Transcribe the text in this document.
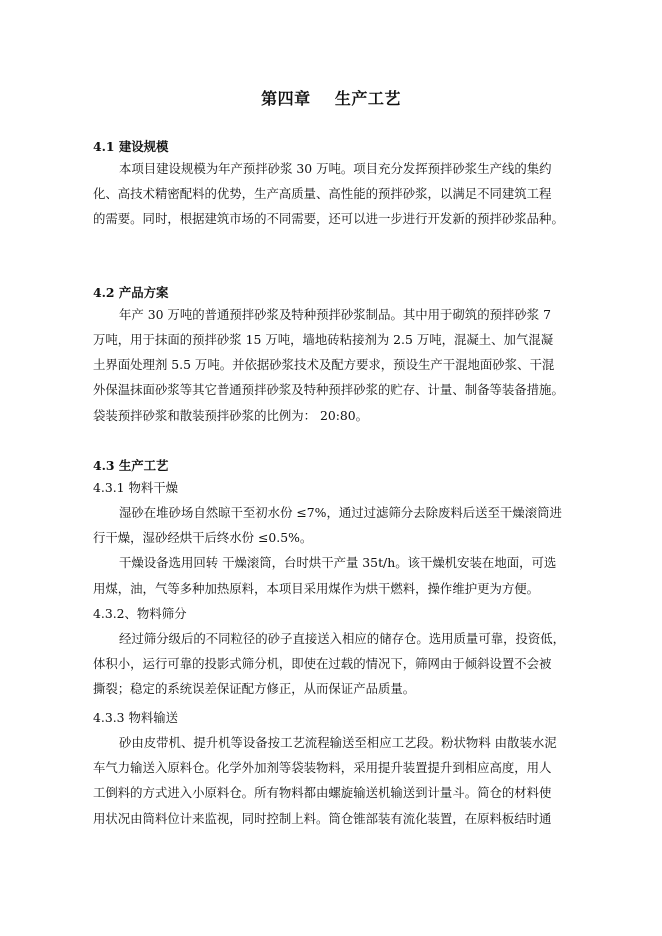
第四章    生产工艺
4.1 建设规模
本项目建设规模为年产预拌砂浆 30 万吨。项目充分发挥预拌砂浆生产线的集约
化、高技术精密配料的优势，生产高质量、高性能的预拌砂浆，以满足不同建筑工程
的需要。同时，根据建筑市场的不同需要，还可以进一步进行开发新的预拌砂浆品种。
4.2 产品方案
年产 30 万吨的普通预拌砂浆及特种预拌砂浆制品。其中用于砌筑的预拌砂浆 7
万吨，用于抹面的预拌砂浆 15 万吨，墙地砖粘接剂为 2.5 万吨，混凝土、加气混凝
土界面处理剂 5.5 万吨。并依据砂浆技术及配方要求，预设生产干混地面砂浆、干混
外保温抹面砂浆等其它普通预拌砂浆及特种预拌砂浆的贮存、计量、制备等装备措施。
袋装预拌砂浆和散装预拌砂浆的比例为： 20:80。
4.3 生产工艺
4.3.1 物料干燥
湿砂在堆砂场自然晾干至初水份 ≤7%，通过过滤筛分去除废料后送至干燥滚筒进
行干燥，湿砂经烘干后终水份 ≤0.5%。
干燥设备选用回转 干燥滚筒，台时烘干产量 35t/h。该干燥机安装在地面，可选
用煤，油，气等多种加热原料，本项目采用煤作为烘干燃料，操作维护更为方便。
4.3.2、物料筛分
经过筛分级后的不同粒径的砂子直接送入相应的储存仓。选用质量可靠，投资低，
体积小，运行可靠的投影式筛分机，即使在过载的情况下，筛网由于倾斜设置不会被
撕裂；稳定的系统误差保证配方修正，从而保证产品质量。
4.3.3 物料输送
砂由皮带机、提升机等设备按工艺流程输送至相应工艺段。粉状物料 由散装水泥
车气力输送入原料仓。化学外加剂等袋装物料，采用提升装置提升到相应高度，用人
工倒料的方式进入小原料仓。所有物料都由螺旋输送机输送到计量斗。简仓的材料使
用状况由筒料位计来监视，同时控制上料。筒仓锥部装有流化装置，在原料板结时通
